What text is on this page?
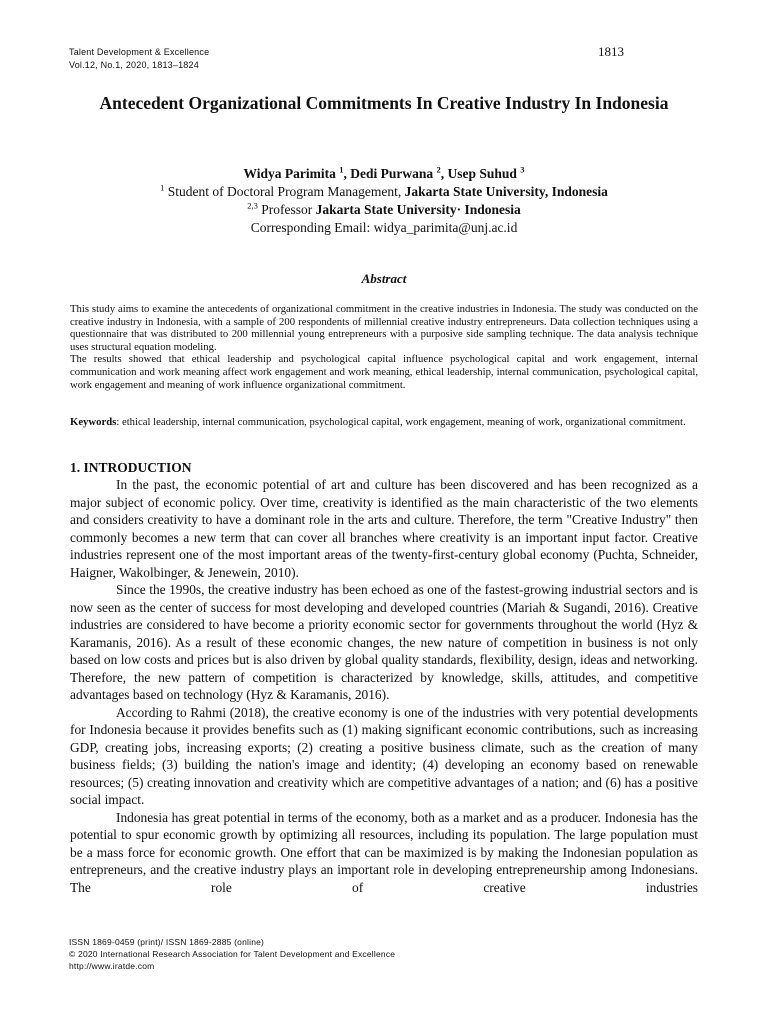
Talent Development & Excellence
Vol.12, No.1, 2020, 1813–1824
1813
Antecedent Organizational Commitments In Creative Industry In Indonesia
Widya Parimita $^1$, Dedi Purwana $^2$, Usep Suhud $^3$
$^1$ Student of Doctoral Program Management, Jakarta State University, Indonesia
$^{2,3}$ Professor Jakarta State University· Indonesia
Corresponding Email: widya_parimita@unj.ac.id
Abstract

This study aims to examine the antecedents of organizational commitment in the creative industries in Indonesia. The study was conducted on the creative industry in Indonesia, with a sample of 200 respondents of millennial creative industry entrepreneurs. Data collection techniques using a questionnaire that was distributed to 200 millennial young entrepreneurs with a purposive side sampling technique. The data analysis technique uses structural equation modeling.

The results showed that ethical leadership and psychological capital influence psychological capital and work engagement, internal communication and work meaning affect work engagement and work meaning, ethical leadership, internal communication, psychological capital, work engagement and meaning of work influence organizational commitment.

Keywords: ethical leadership, internal communication, psychological capital, work engagement, meaning of work, organizational commitment.

1. INTRODUCTION

In the past, the economic potential of art and culture has been discovered and has been recognized as a major subject of economic policy. Over time, creativity is identified as the main characteristic of the two elements and considers creativity to have a dominant role in the arts and culture. Therefore, the term "Creative Industry" then commonly becomes a new term that can cover all branches where creativity is an important input factor. Creative industries represent one of the most important areas of the twenty-first-century global economy (Puchta, Schneider, Haigner, Wakolbinger, & Jenewein, 2010).

Since the 1990s, the creative industry has been echoed as one of the fastest-growing industrial sectors and is now seen as the center of success for most developing and developed countries (Mariah & Sugandi, 2016). Creative industries are considered to have become a priority economic sector for governments throughout the world (Hyz & Karamanis, 2016). As a result of these economic changes, the new nature of competition in business is not only based on low costs and prices but is also driven by global quality standards, flexibility, design, ideas and networking. Therefore, the new pattern of competition is characterized by knowledge, skills, attitudes, and competitive advantages based on technology (Hyz & Karamanis, 2016).

According to Rahmi (2018), the creative economy is one of the industries with very potential developments for Indonesia because it provides benefits such as (1) making significant economic contributions, such as increasing GDP, creating jobs, increasing exports; (2) creating a positive business climate, such as the creation of many business fields; (3) building the nation's image and identity; (4) developing an economy based on renewable resources; (5) creating innovation and creativity which are competitive advantages of a nation; and (6) has a positive social impact.

Indonesia has great potential in terms of the economy, both as a market and as a producer. Indonesia has the potential to spur economic growth by optimizing all resources, including its population. The large population must be a mass force for economic growth. One effort that can be maximized is by making the Indonesian population as entrepreneurs, and the creative industry plays an important role in developing entrepreneurship among Indonesians. The role of creative industries

ISSN 1869-0459 (print)/ ISSN 1869-2885 (online)
© 2020 International Research Association for Talent Development and Excellence
http://www.iratde.com
